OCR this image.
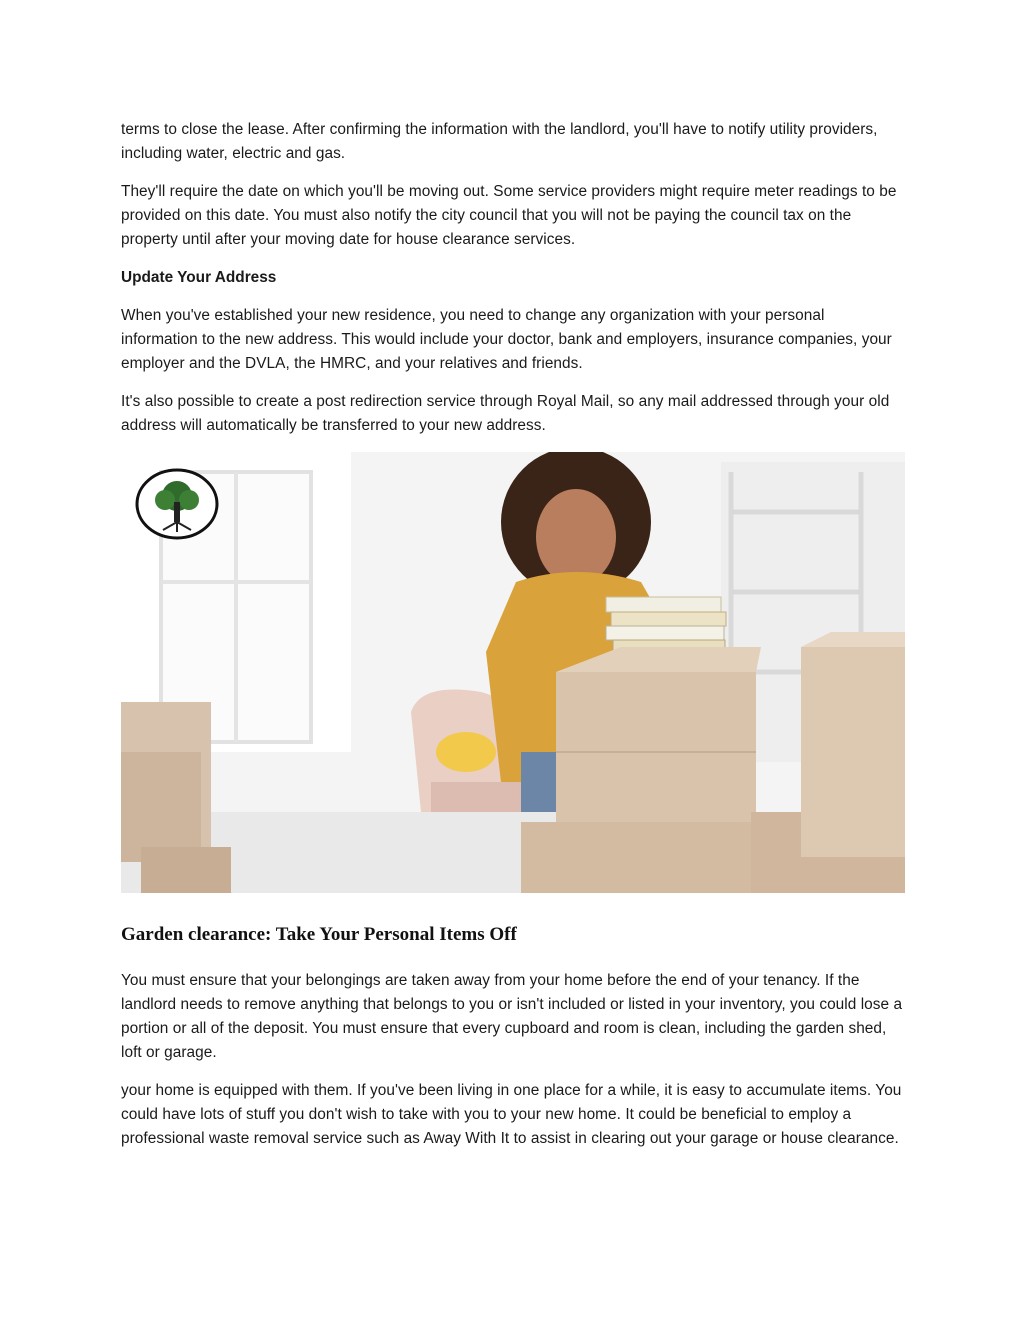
terms to close the lease. After confirming the information with the landlord, you'll have to notify utility providers, including water, electric and gas.

They'll require the date on which you'll be moving out. Some service providers might require meter readings to be provided on this date. You must also notify the city council that you will not be paying the council tax on the property until after your moving date for house clearance services.

Update Your Address

When you've established your new residence, you need to change any organization with your personal information to the new address. This would include your doctor, bank and employers, insurance companies, your employer and the DVLA, the HMRC, and your relatives and friends.

It's also possible to create a post redirection service through Royal Mail, so any mail addressed through your old address will automatically be transferred to your new address.

Garden clearance: Take Your Personal Items Off

You must ensure that your belongings are taken away from your home before the end of your tenancy. If the landlord needs to remove anything that belongs to you or isn't included or listed in your inventory, you could lose a portion or all of the deposit. You must ensure that every cupboard and room is clean, including the garden shed, loft or garage.

your home is equipped with them. If you've been living in one place for a while, it is easy to accumulate items. You could have lots of stuff you don't wish to take with you to your new home. It could be beneficial to employ a professional waste removal service such as Away With It to assist in clearing out your garage or house clearance.
